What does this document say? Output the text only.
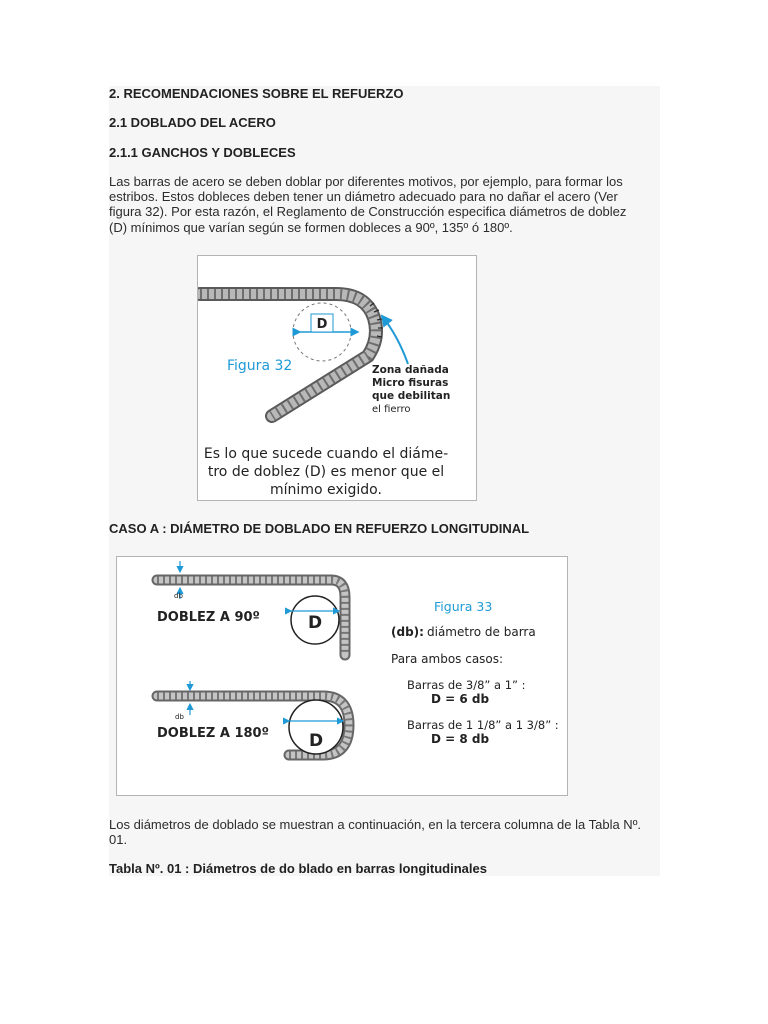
2. RECOMENDACIONES SOBRE EL REFUERZO
2.1 DOBLADO DEL ACERO
2.1.1 GANCHOS Y DOBLECES
Las barras de acero se deben doblar por diferentes motivos, por ejemplo, para formar los
estribos. Estos dobleces deben tener un diámetro adecuado para no dañar el acero (Ver
figura 32). Por esta razón, el Reglamento de Construcción especifica diámetros de doblez
(D) mínimos que varían según se formen dobleces a 90º, 135º ó 180º.
D
Figura 32	Zona dañada
Micro fisuras
que debilitan
el fierro
Es lo que sucede cuando el diáme-
tro de doblez (D) es menor que el
mínimo exigido.
CASO A : DIÁMETRO DE DOBLADO EN REFUERZO LONGITUDINAL
D
db
DOBLEZ A 90º
D
db
DOBLEZ A 180º
Figura 33
(db): diámetro de barra
Para ambos casos:
Barras de 3/8” a 1” :
D = 6 db
Barras de 1 1/8” a 1 3/8” :
D = 8 db
Los diámetros de doblado se muestran a continuación, en la tercera columna de la Tabla Nº.
01.
Tabla Nº. 01 : Diámetros de do blado en barras longitudinales
